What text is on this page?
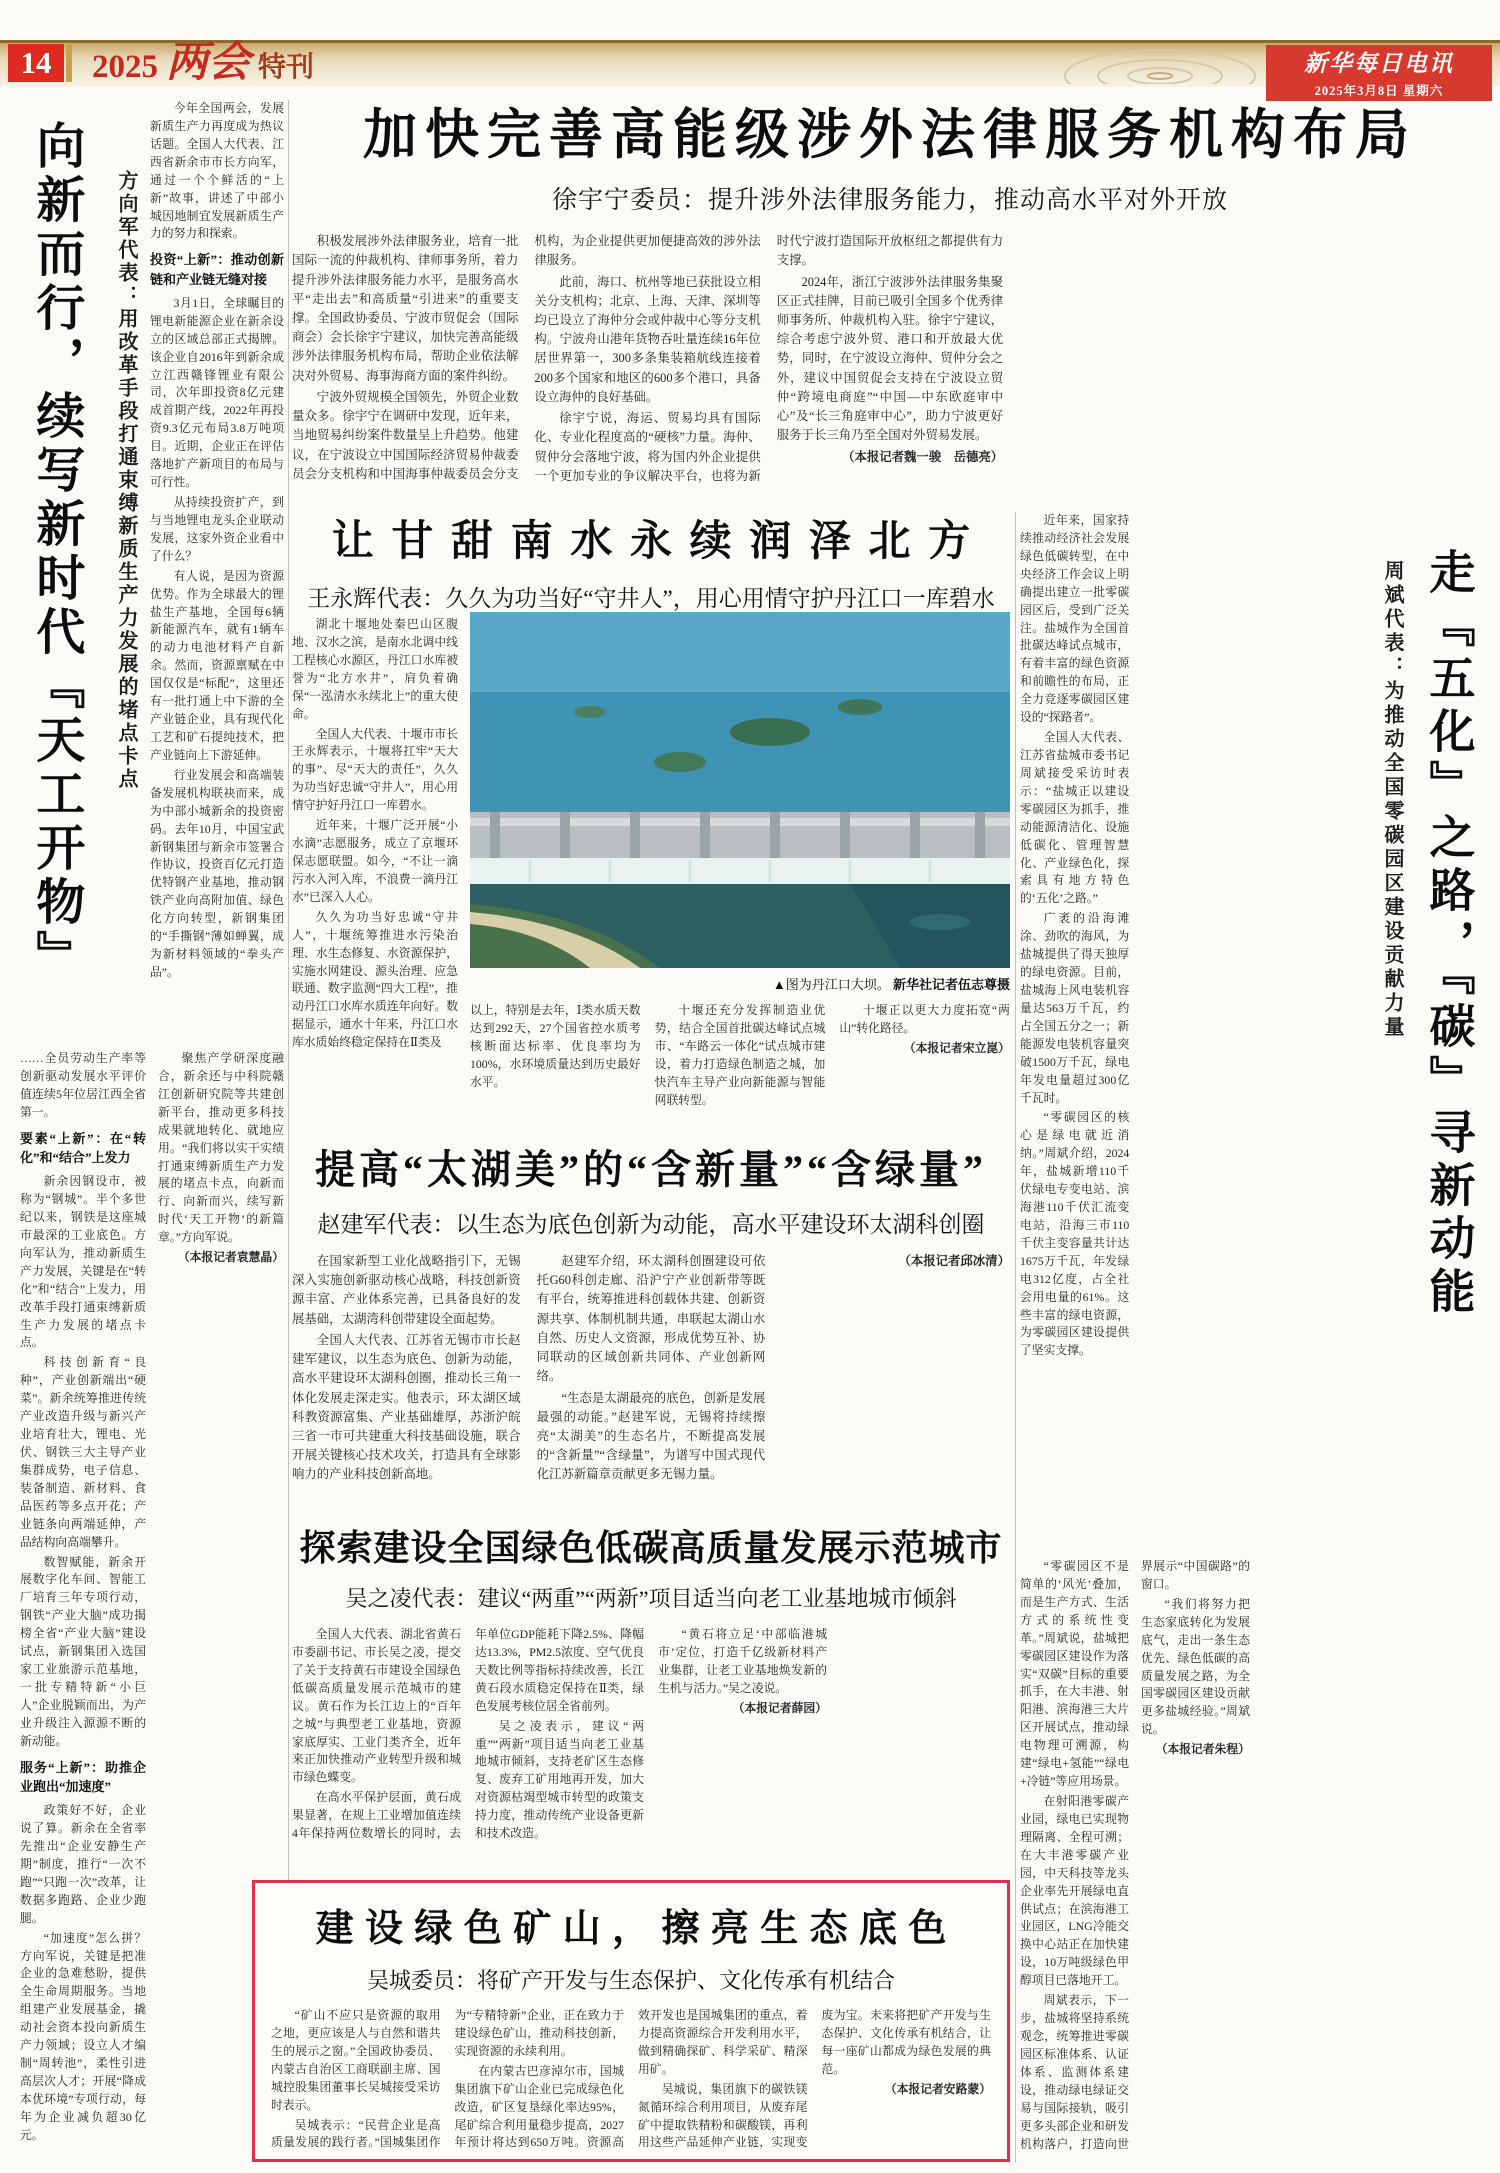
14	2025 两会 特刊	新华每日电讯
2025年3月8日 星期六
向新而行，续写新时代『天工开物』 方向军代表：用改革手段打通束缚新质生产力发展的堵点卡点

今年全国两会，发展新质生产力再度成为热议话题。全国人大代表、江西省新余市市长方向军，通过一个个鲜活的“上新”故事，讲述了中部小城因地制宜发展新质生产力的努力和探索。

投资“上新”：推动创新链和产业链无缝对接

3月1日，全球瞩目的锂电新能源企业在新余设立的区域总部正式揭牌。该企业自2016年到新余成立江西赣锋锂业有限公司，次年即投资8亿元建成首期产线，2022年再投资9.3亿元布局3.8万吨项目。近期，企业正在评估落地扩产新项目的布局与可行性。

从持续投资扩产，到与当地锂电龙头企业联动发展，这家外资企业看中了什么？

有人说，是因为资源优势。作为全球最大的锂盐生产基地，全国每6辆新能源汽车，就有1辆车的动力电池材料产自新余。然而，资源禀赋在中国仅仅是“标配”，这里还有一批打通上中下游的全产业链企业，具有现代化工艺和矿石提纯技术，把产业链向上下游延伸。

行业发展会和高端装备发展机构联袂而来，成为中部小城新余的投资密码。去年10月，中国宝武新钢集团与新余市签署合作协议，投资百亿元打造优特钢产业基地，推动钢铁产业向高附加值、绿色化方向转型，新钢集团的“手撕钢”薄如蝉翼，成为新材料领域的“拳头产品”。

……全员劳动生产率等创新驱动发展水平评价值连续5年位居江西全省第一。

要素“上新”：在“转化”和“结合”上发力

新余因钢设市，被称为“钢城”。半个多世纪以来，钢铁是这座城市最深的工业底色。方向军认为，推动新质生产力发展，关键是在“转化”和“结合”上发力，用改革手段打通束缚新质生产力发展的堵点卡点。

科技创新育“良种”，产业创新端出“硬菜”。新余统筹推进传统产业改造升级与新兴产业培育壮大，锂电、光伏、钢铁三大主导产业集群成势，电子信息、装备制造、新材料、食品医药等多点开花；产业链条向两端延伸，产品结构向高端攀升。

数智赋能，新余开展数字化车间、智能工厂培育三年专项行动，钢铁“产业大脑”成功揭榜全省“产业大脑”建设试点，新钢集团入选国家工业旅游示范基地，一批专精特新“小巨人”企业脱颖而出，为产业升级注入源源不断的新动能。

服务“上新”：助推企业跑出“加速度”

政策好不好，企业说了算。新余在全省率先推出“企业安静生产期”制度，推行“一次不跑”“只跑一次”改革，让数据多跑路、企业少跑腿。

“加速度”怎么拼？方向军说，关键是把准企业的急难愁盼，提供全生命周期服务。当地组建产业发展基金，撬动社会资本投向新质生产力领域；设立人才编制“周转池”，柔性引进高层次人才；开展“降成本优环境”专项行动，每年为企业减负超30亿元。

聚焦产学研深度融合，新余还与中科院赣江创新研究院等共建创新平台，推动更多科技成果就地转化、就地应用。“我们将以实干实绩打通束缚新质生产力发展的堵点卡点，向新而行、向新而兴，续写新时代‘天工开物’的新篇章。”方向军说。

（本报记者袁慧晶）

加快完善高能级涉外法律服务机构布局
徐宇宁委员：提升涉外法律服务能力，推动高水平对外开放

积极发展涉外法律服务业，培育一批国际一流的仲裁机构、律师事务所，着力提升涉外法律服务能力水平，是服务高水平“走出去”和高质量“引进来”的重要支撑。全国政协委员、宁波市贸促会（国际商会）会长徐宇宁建议，加快完善高能级涉外法律服务机构布局，帮助企业依法解决对外贸易、海事海商方面的案件纠纷。

宁波外贸规模全国领先，外贸企业数量众多。徐宇宁在调研中发现，近年来，当地贸易纠纷案件数量呈上升趋势。他建议，在宁波设立中国国际经济贸易仲裁委员会分支机构和中国海事仲裁委员会分支机构，为企业提供更加便捷高效的涉外法律服务。

此前，海口、杭州等地已获批设立相关分支机构；北京、上海、天津、深圳等均已设立了海仲分会或仲裁中心等分支机构。宁波舟山港年货物吞吐量连续16年位居世界第一，300多条集装箱航线连接着200多个国家和地区的600多个港口，具备设立海仲的良好基础。

徐宇宁说，海运、贸易均具有国际化、专业化程度高的“硬核”力量。海仲、贸仲分会落地宁波，将为国内外企业提供一个更加专业的争议解决平台，也将为新时代宁波打造国际开放枢纽之都提供有力支撑。

2024年，浙江宁波涉外法律服务集聚区正式挂牌，目前已吸引全国多个优秀律师事务所、仲裁机构入驻。徐宇宁建议，综合考虑宁波外贸、港口和开放最大优势，同时，在宁波设立海仲、贸仲分会之外，建议中国贸促会支持在宁波设立贸仲“跨境电商庭”“中国—中东欧庭审中心”及“长三角庭审中心”，助力宁波更好服务于长三角乃至全国对外贸易发展。

（本报记者魏一骏　岳德亮）

让甘甜南水永续润泽北方
王永辉代表：久久为功当好“守井人”，用心用情守护丹江口一库碧水

湖北十堰地处秦巴山区腹地、汉水之滨，是南水北调中线工程核心水源区，丹江口水库被誉为“北方水井”，肩负着确保“一泓清水永续北上”的重大使命。

全国人大代表、十堰市市长王永辉表示，十堰将扛牢“天大的事”、尽“天大的责任”，久久为功当好忠诚“守井人”，用心用情守护好丹江口一库碧水。

近年来，十堰广泛开展“小水滴”志愿服务，成立了京堰环保志愿联盟。如今，“不让一滴污水入河入库，不浪费一滴丹江水”已深入人心。

久久为功当好忠诚“守井人”，十堰统筹推进水污染治理、水生态修复、水资源保护，实施水网建设、源头治理、应急联通、数字监测“四大工程”，推动丹江口水库水质连年向好。数据显示，通水十年来，丹江口水库水质始终稳定保持在Ⅱ类及

▲图为丹江口大坝。 新华社记者伍志尊摄

以上，特别是去年，Ⅰ类水质天数达到292天，27个国省控水质考核断面达标率、优良率均为100%，水环境质量达到历史最好水平。

十堰还充分发挥制造业优势，结合全国首批碳达峰试点城市、“车路云一体化”试点城市建设，着力打造绿色制造之城，加快汽车主导产业向新能源与智能网联转型。

十堰正以更大力度拓宽“两山”转化路径。

（本报记者宋立崑）

提高“太湖美”的“含新量”“含绿量”
赵建军代表：以生态为底色创新为动能，高水平建设环太湖科创圈

在国家新型工业化战略指引下，无锡深入实施创新驱动核心战略，科技创新资源丰富、产业体系完善，已具备良好的发展基础，太湖湾科创带建设全面起势。

全国人大代表、江苏省无锡市市长赵建军建议，以生态为底色、创新为动能，高水平建设环太湖科创圈，推动长三角一体化发展走深走实。他表示，环太湖区域科教资源富集、产业基础雄厚，苏浙沪皖三省一市可共建重大科技基础设施，联合开展关键核心技术攻关，打造具有全球影响力的产业科技创新高地。

赵建军介绍，环太湖科创圈建设可依托G60科创走廊、沿沪宁产业创新带等既有平台，统筹推进科创载体共建、创新资源共享、体制机制共通，串联起太湖山水自然、历史人文资源，形成优势互补、协同联动的区域创新共同体、产业创新网络。

“生态是太湖最亮的底色，创新是发展最强的动能。”赵建军说，无锡将持续擦亮“太湖美”的生态名片，不断提高发展的“含新量”“含绿量”，为谱写中国式现代化江苏新篇章贡献更多无锡力量。

（本报记者邱冰清）

探索建设全国绿色低碳高质量发展示范城市
吴之凌代表：建议“两重”“两新”项目适当向老工业基地城市倾斜

全国人大代表、湖北省黄石市委副书记、市长吴之凌，提交了关于支持黄石市建设全国绿色低碳高质量发展示范城市的建议。黄石作为长江边上的“百年之城”与典型老工业基地，资源家底厚实、工业门类齐全，近年来正加快推动产业转型升级和城市绿色蝶变。

在高水平保护层面，黄石成果显著，在规上工业增加值连续4年保持两位数增长的同时，去年单位GDP能耗下降2.5%、降幅达13.3%，PM2.5浓度、空气优良天数比例等指标持续改善，长江黄石段水质稳定保持在Ⅱ类，绿色发展考核位居全省前列。

吴之凌表示，建议“两重”“两新”项目适当向老工业基地城市倾斜，支持老矿区生态修复、废弃工矿用地再开发，加大对资源枯竭型城市转型的政策支持力度，推动传统产业设备更新和技术改造。

“黄石将立足‘中部临港城市’定位，打造千亿级新材料产业集群，让老工业基地焕发新的生机与活力。”吴之凌说。

（本报记者薛园）

建设绿色矿山，擦亮生态底色
吴城委员：将矿产开发与生态保护、文化传承有机结合

“矿山不应只是资源的取用之地，更应该是人与自然和谐共生的展示之窗。”全国政协委员、内蒙古自治区工商联副主席、国城控股集团董事长吴城接受采访时表示。

吴城表示：“民营企业是高质量发展的践行者。”国城集团作为“专精特新”企业，正在致力于建设绿色矿山，推动科技创新，实现资源的永续利用。

在内蒙古巴彦淖尔市，国城集团旗下矿山企业已完成绿色化改造，矿区复垦绿化率达95%，尾矿综合利用量稳步提高，2027年预计将达到650万吨。资源高效开发也是国城集团的重点，着力提高资源综合开发利用水平，做到精确探矿、科学采矿、精深用矿。

吴城说，集团旗下的碳铁镁氮循环综合利用项目，从废弃尾矿中提取铁精粉和碳酸镁，再利用这些产品延伸产业链，实现变废为宝。未来将把矿产开发与生态保护、文化传承有机结合，让每一座矿山都成为绿色发展的典范。

（本报记者安路蒙）

近年来，国家持续推动经济社会发展绿色低碳转型，在中央经济工作会议上明确提出建立一批零碳园区后，受到广泛关注。盐城作为全国首批碳达峰试点城市，有着丰富的绿色资源和前瞻性的布局，正全力竞逐零碳园区建设的“探路者”。

全国人大代表、江苏省盐城市委书记周斌接受采访时表示：“盐城正以建设零碳园区为抓手，推动能源清洁化、设施低碳化、管理智慧化、产业绿色化，探索具有地方特色的‘五化’之路。”

广袤的沿海滩涂、劲吹的海风，为盐城提供了得天独厚的绿电资源。目前，盐城海上风电装机容量达563万千瓦，约占全国五分之一；新能源发电装机容量突破1500万千瓦，绿电年发电量超过300亿千瓦时。

“零碳园区的核心是绿电就近消纳。”周斌介绍，2024年，盐城新增110千伏绿电专变电站、滨海港110千伏汇流变电站，沿海三市110千伏主变容量共计达1675万千瓦，年发绿电312亿度，占全社会用电量的61%。这些丰富的绿电资源，为零碳园区建设提供了坚实支撑。

周斌代表：为推动全国零碳园区建设贡献力量 走『五化』之路，『碳』寻新动能

“零碳园区不是简单的‘风光’叠加，而是生产方式、生活方式的系统性变革。”周斌说，盐城把零碳园区建设作为落实“双碳”目标的重要抓手，在大丰港、射阳港、滨海港三大片区开展试点，推动绿电物理可溯源，构建“绿电+氢能”“绿电+冷链”等应用场景。

在射阳港零碳产业园，绿电已实现物理隔离、全程可溯；在大丰港零碳产业园，中天科技等龙头企业率先开展绿电直供试点；在滨海港工业园区，LNG冷能交换中心站正在加快建设，10万吨级绿色甲醇项目已落地开工。

周斌表示，下一步，盐城将坚持系统观念，统筹推进零碳园区标准体系、认证体系、监测体系建设，推动绿电绿证交易与国际接轨，吸引更多头部企业和研发机构落户，打造向世界展示“中国碳路”的窗口。

“我们将努力把生态家底转化为发展底气，走出一条生态优先、绿色低碳的高质量发展之路，为全国零碳园区建设贡献更多盐城经验。”周斌说。

（本报记者朱程）
